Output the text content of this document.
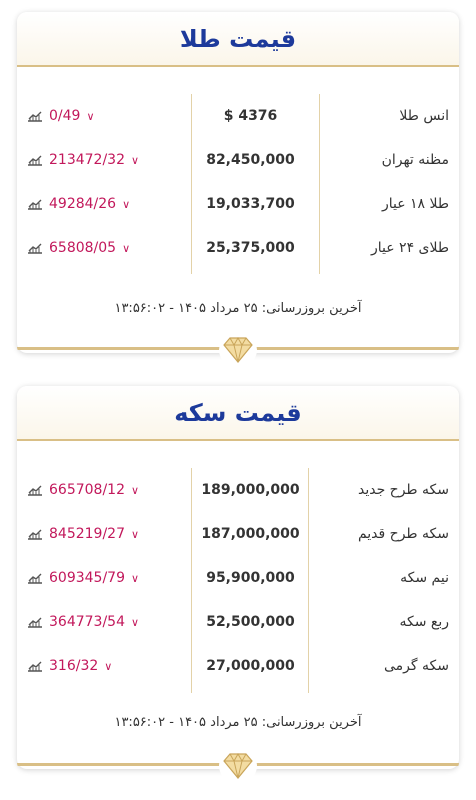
قیمت طلا
0/49 ∨	4376 $	انس طلا
213472/32 ∨	82,450,000	مظنه تهران
49284/26 ∨	19,033,700	طلا ۱۸ عیار
65808/05 ∨	25,375,000	طلای ۲۴ عیار
آخرین بروزرسانی: ۲۵ مرداد ۱۴۰۵ - ۱۳:۵۶:۰۲
قیمت سکه
665708/12 ∨	189,000,000	سکه طرح جدید
845219/27 ∨	187,000,000	سکه طرح قدیم
609345/79 ∨	95,900,000	نیم سکه
364773/54 ∨	52,500,000	ربع سکه
316/32 ∨	27,000,000	سکه گرمی
آخرین بروزرسانی: ۲۵ مرداد ۱۴۰۵ - ۱۳:۵۶:۰۲
